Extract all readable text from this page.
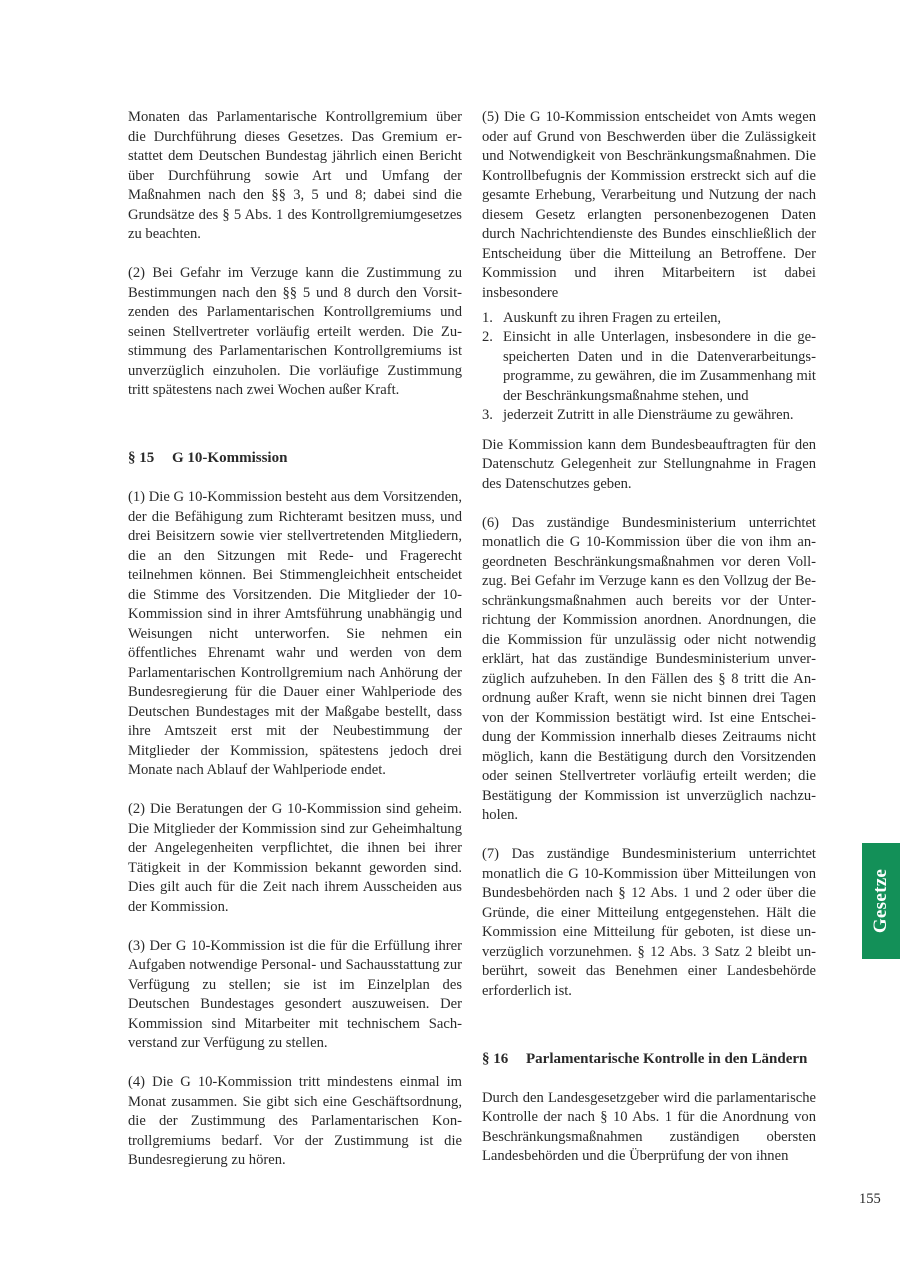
Monaten das Parlamentarische Kontrollgremium über die Durchführung dieses Gesetzes. Das Gremium erstattet dem Deutschen Bundestag jährlich einen Bericht über Durchführung sowie Art und Umfang der Maßnahmen nach den §§ 3, 5 und 8; dabei sind die Grundsätze des § 5 Abs. 1 des Kontrollgremiumgesetzes zu beachten.

(2) Bei Gefahr im Verzuge kann die Zustimmung zu Bestimmungen nach den §§ 5 und 8 durch den Vorsitzenden des Parlamentarischen Kontrollgremiums und seinen Stellvertreter vorläufig erteilt werden. Die Zustimmung des Parlamentarischen Kontrollgremiums ist unverzüglich einzuholen. Die vorläufige Zustimmung tritt spätestens nach zwei Wochen außer Kraft.

§ 15	G 10-Kommission

(1) Die G 10-Kommission besteht aus dem Vorsitzenden, der die Befähigung zum Richteramt besitzen muss, und drei Beisitzern sowie vier stellvertretenden Mitgliedern, die an den Sitzungen mit Rede- und Fragerecht teilnehmen können. Bei Stimmengleichheit entscheidet die Stimme des Vorsitzenden. Die Mitglieder der 10-Kommission sind in ihrer Amtsführung unabhängig und Weisungen nicht unterworfen. Sie nehmen ein öffentliches Ehrenamt wahr und werden von dem Parlamentarischen Kontrollgremium nach Anhörung der Bundesregierung für die Dauer einer Wahlperiode des Deutschen Bundestages mit der Maßgabe bestellt, dass ihre Amtszeit erst mit der Neubestimmung der Mitglieder der Kommission, spätestens jedoch drei Monate nach Ablauf der Wahlperiode endet.

(2) Die Beratungen der G 10-Kommission sind geheim. Die Mitglieder der Kommission sind zur Geheimhaltung der Angelegenheiten verpflichtet, die ihnen bei ihrer Tätigkeit in der Kommission bekannt geworden sind. Dies gilt auch für die Zeit nach ihrem Ausscheiden aus der Kommission.

(3) Der G 10-Kommission ist die für die Erfüllung ihrer Aufgaben notwendige Personal- und Sachausstattung zur Verfügung zu stellen; sie ist im Einzelplan des Deutschen Bundestages gesondert auszuweisen. Der Kommission sind Mitarbeiter mit technischem Sachverstand zur Verfügung zu stellen.

(4) Die G 10-Kommission tritt mindestens einmal im Monat zusammen. Sie gibt sich eine Geschäftsordnung, die der Zustimmung des Parlamentarischen Kontrollgremiums bedarf. Vor der Zustimmung ist die Bundesregierung zu hören.

(5) Die G 10-Kommission entscheidet von Amts wegen oder auf Grund von Beschwerden über die Zulässigkeit und Notwendigkeit von Beschränkungsmaßnahmen. Die Kontrollbefugnis der Kommission erstreckt sich auf die gesamte Erhebung, Verarbeitung und Nutzung der nach diesem Gesetz erlangten personenbezogenen Daten durch Nachrichtendienste des Bundes einschließlich der Entscheidung über die Mitteilung an Betroffene. Der Kommission und ihren Mitarbeitern ist dabei insbesondere

1. Auskunft zu ihren Fragen zu erteilen,
2. Einsicht in alle Unterlagen, insbesondere in die gespeicherten Daten und in die Datenverarbeitungsprogramme, zu gewähren, die im Zusammenhang mit der Beschränkungsmaßnahme stehen, und
3. jederzeit Zutritt in alle Diensträume zu gewähren.

Die Kommission kann dem Bundesbeauftragten für den Datenschutz Gelegenheit zur Stellungnahme in Fragen des Datenschutzes geben.

(6) Das zuständige Bundesministerium unterrichtet monatlich die G 10-Kommission über die von ihm angeordneten Beschränkungsmaßnahmen vor deren Vollzug. Bei Gefahr im Verzuge kann es den Vollzug der Beschränkungsmaßnahmen auch bereits vor der Unterrichtung der Kommission anordnen. Anordnungen, die die Kommission für unzulässig oder nicht notwendig erklärt, hat das zuständige Bundesministerium unverzüglich aufzuheben. In den Fällen des § 8 tritt die Anordnung außer Kraft, wenn sie nicht binnen drei Tagen von der Kommission bestätigt wird. Ist eine Entscheidung der Kommission innerhalb dieses Zeitraums nicht möglich, kann die Bestätigung durch den Vorsitzenden oder seinen Stellvertreter vorläufig erteilt werden; die Bestätigung der Kommission ist unverzüglich nachzuholen.

(7) Das zuständige Bundesministerium unterrichtet monatlich die G 10-Kommission über Mitteilungen von Bundesbehörden nach § 12 Abs. 1 und 2 oder über die Gründe, die einer Mitteilung entgegenstehen. Hält die Kommission eine Mitteilung für geboten, ist diese unverzüglich vorzunehmen. § 12 Abs. 3 Satz 2 bleibt unberührt, soweit das Benehmen einer Landesbehörde erforderlich ist.

§ 16	Parlamentarische Kontrolle in den Ländern

Durch den Landesgesetzgeber wird die parlamentarische Kontrolle der nach § 10 Abs. 1 für die Anordnung von Beschränkungsmaßnahmen zuständigen obersten Landesbehörden und die Überprüfung der von ihnen

Gesetze
155
